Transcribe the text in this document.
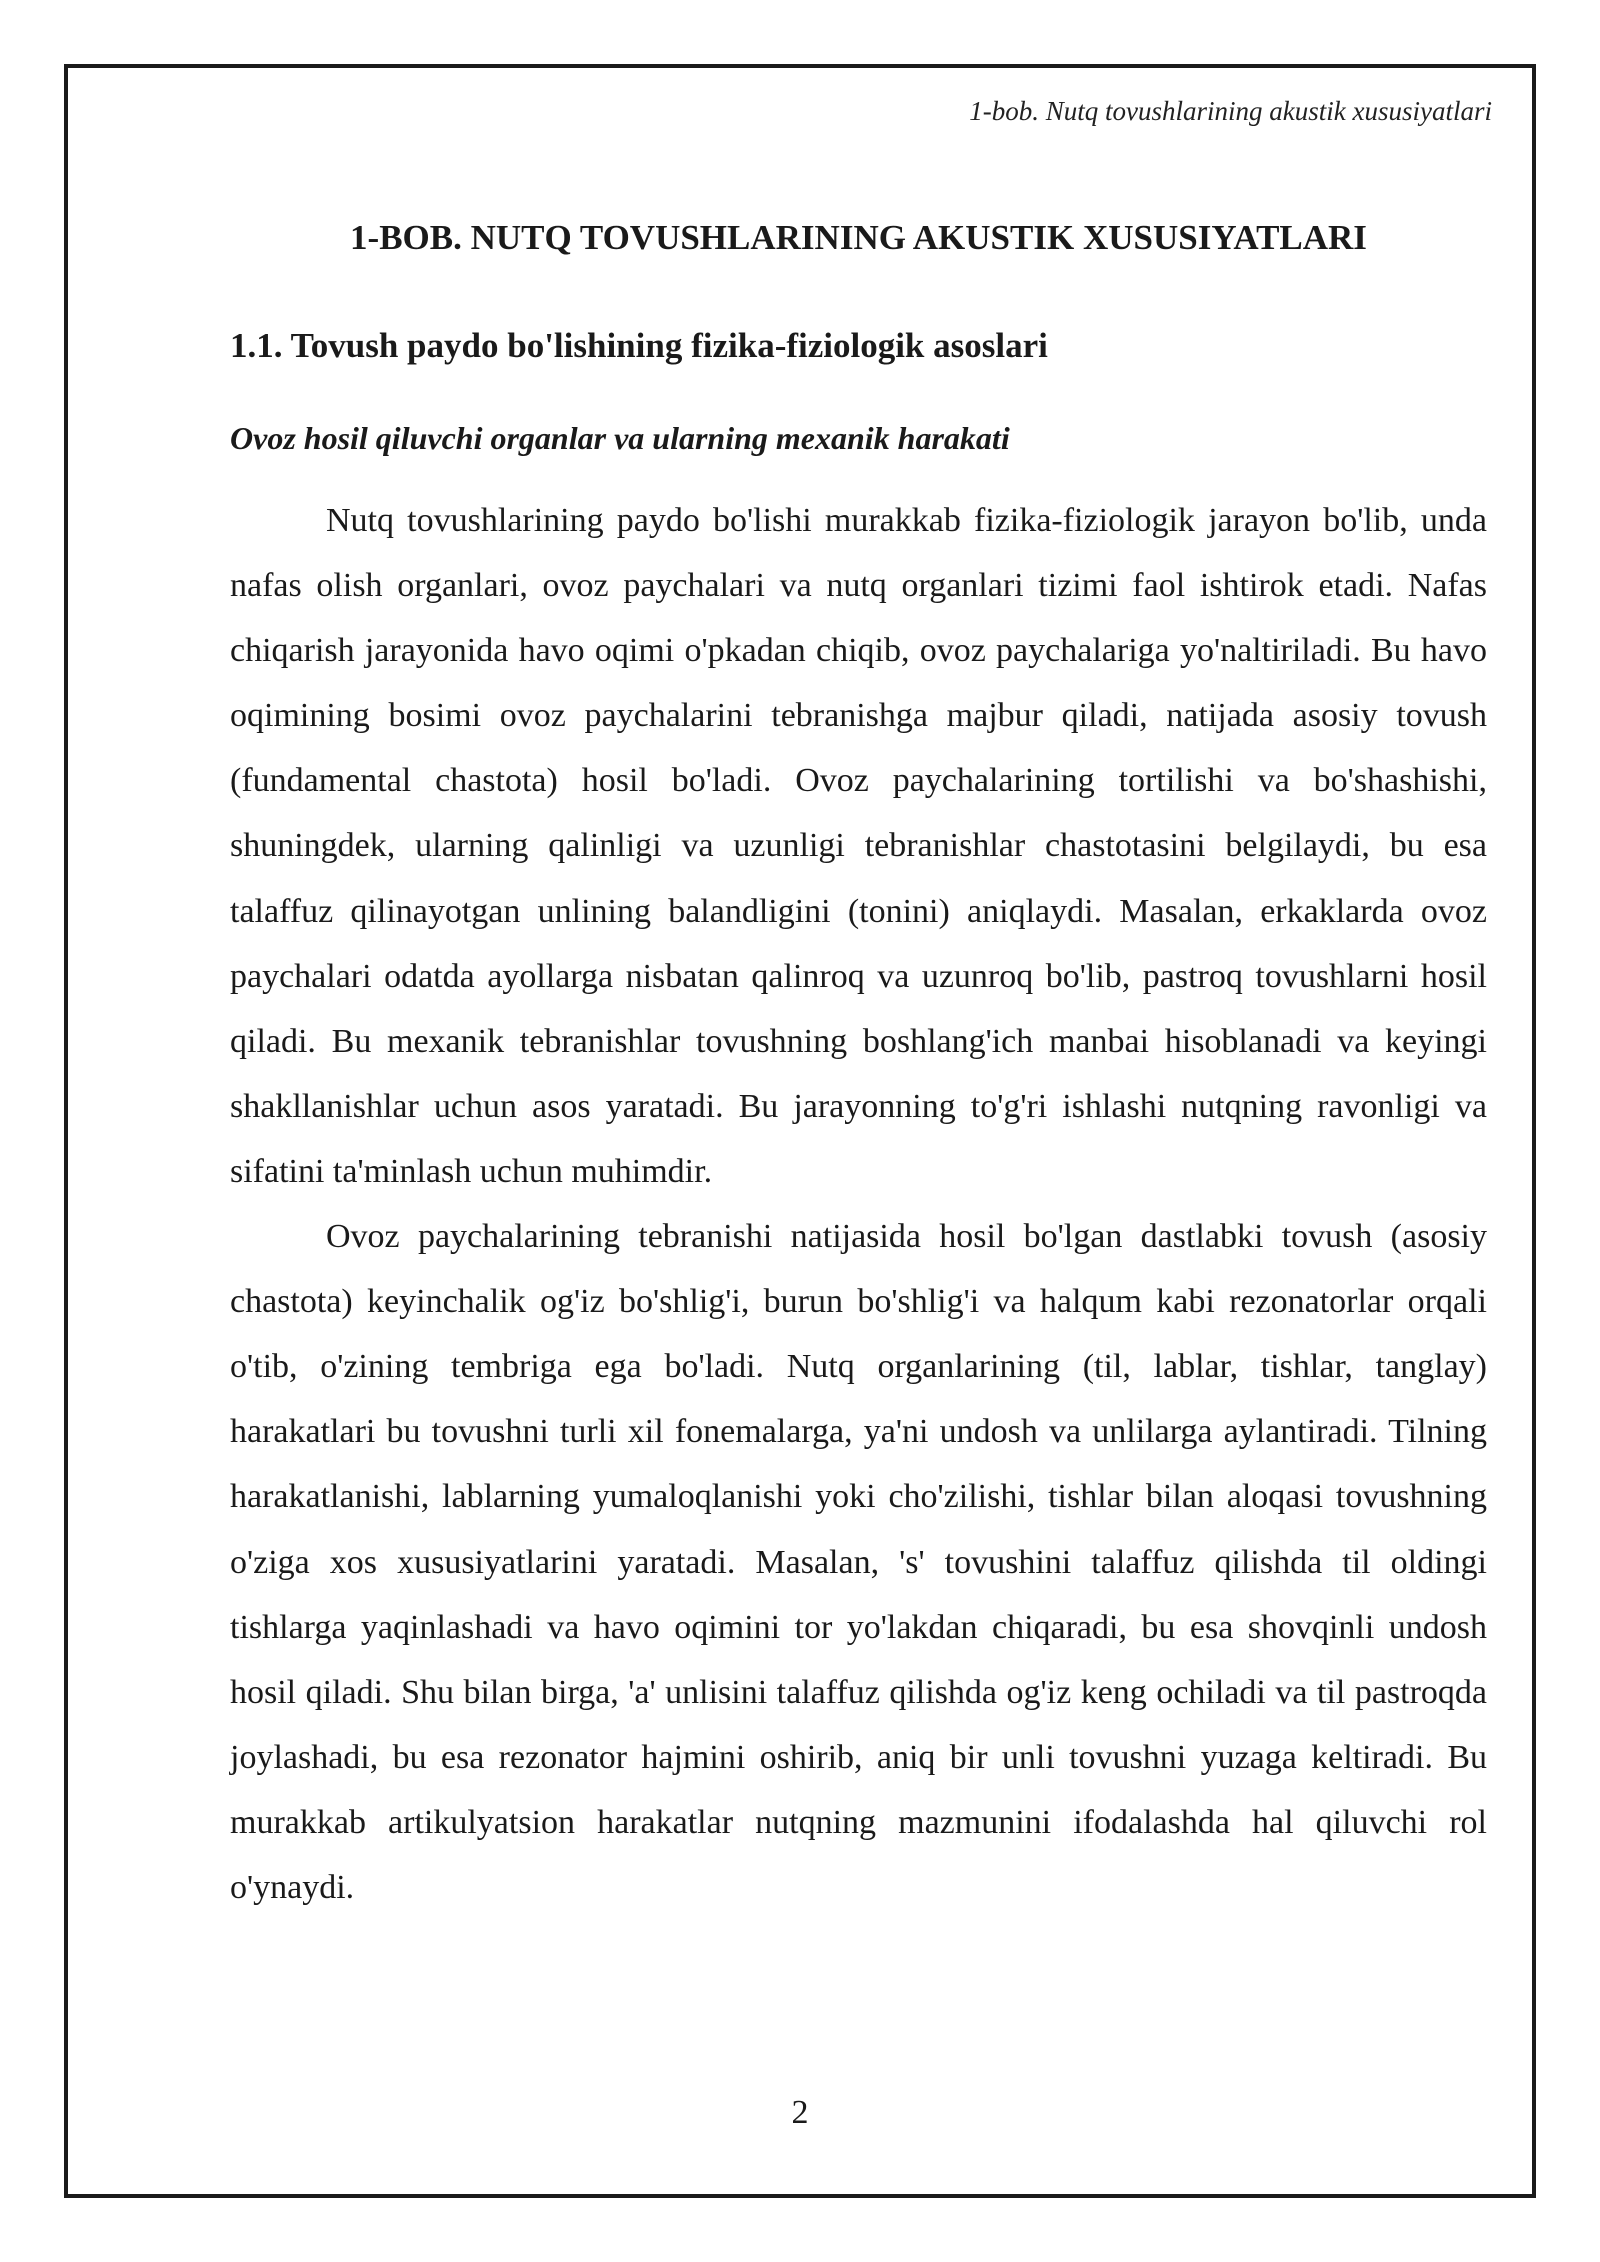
1-bob. Nutq tovushlarining akustik xususiyatlari
1-BOB. NUTQ TOVUSHLARINING AKUSTIK XUSUSIYATLARI
1.1. Tovush paydo bo'lishining fizika-fiziologik asoslari
Ovoz hosil qiluvchi organlar va ularning mexanik harakati

Nutq tovushlarining paydo bo'lishi murakkab fizika-fiziologik jarayon bo'lib, unda nafas olish organlari, ovoz paychalari va nutq organlari tizimi faol ishtirok etadi. Nafas chiqarish jarayonida havo oqimi o'pkadan chiqib, ovoz paychalariga yo'naltiriladi. Bu havo oqimining bosimi ovoz paychalarini tebranishga majbur qiladi, natijada asosiy tovush (fundamental chastota) hosil bo'ladi. Ovoz paychalarining tortilishi va bo'shashishi, shuningdek, ularning qalinligi va uzunligi tebranishlar chastotasini belgilaydi, bu esa talaffuz qilinayotgan unlining balandligini (tonini) aniqlaydi. Masalan, erkaklarda ovoz paychalari odatda ayollarga nisbatan qalinroq va uzunroq bo'lib, pastroq tovushlarni hosil qiladi. Bu mexanik tebranishlar tovushning boshlang'ich manbai hisoblanadi va keyingi shakllanishlar uchun asos yaratadi. Bu jarayonning to'g'ri ishlashi nutqning ravonligi va sifatini ta'minlash uchun muhimdir.

Ovoz paychalarining tebranishi natijasida hosil bo'lgan dastlabki tovush (asosiy chastota) keyinchalik og'iz bo'shlig'i, burun bo'shlig'i va halqum kabi rezonatorlar orqali o'tib, o'zining tembriga ega bo'ladi. Nutq organlarining (til, lablar, tishlar, tanglay) harakatlari bu tovushni turli xil fonemalarga, ya'ni undosh va unlilarga aylantiradi. Tilning harakatlanishi, lablarning yumaloqlanishi yoki cho'zilishi, tishlar bilan aloqasi tovushning o'ziga xos xususiyatlarini yaratadi. Masalan, 's' tovushini talaffuz qilishda til oldingi tishlarga yaqinlashadi va havo oqimini tor yo'lakdan chiqaradi, bu esa shovqinli undosh hosil qiladi. Shu bilan birga, 'a' unlisini talaffuz qilishda og'iz keng ochiladi va til pastroqda joylashadi, bu esa rezonator hajmini oshirib, aniq bir unli tovushni yuzaga keltiradi. Bu murakkab artikulyatsion harakatlar nutqning mazmunini ifodalashda hal qiluvchi rol o'ynaydi.

2
